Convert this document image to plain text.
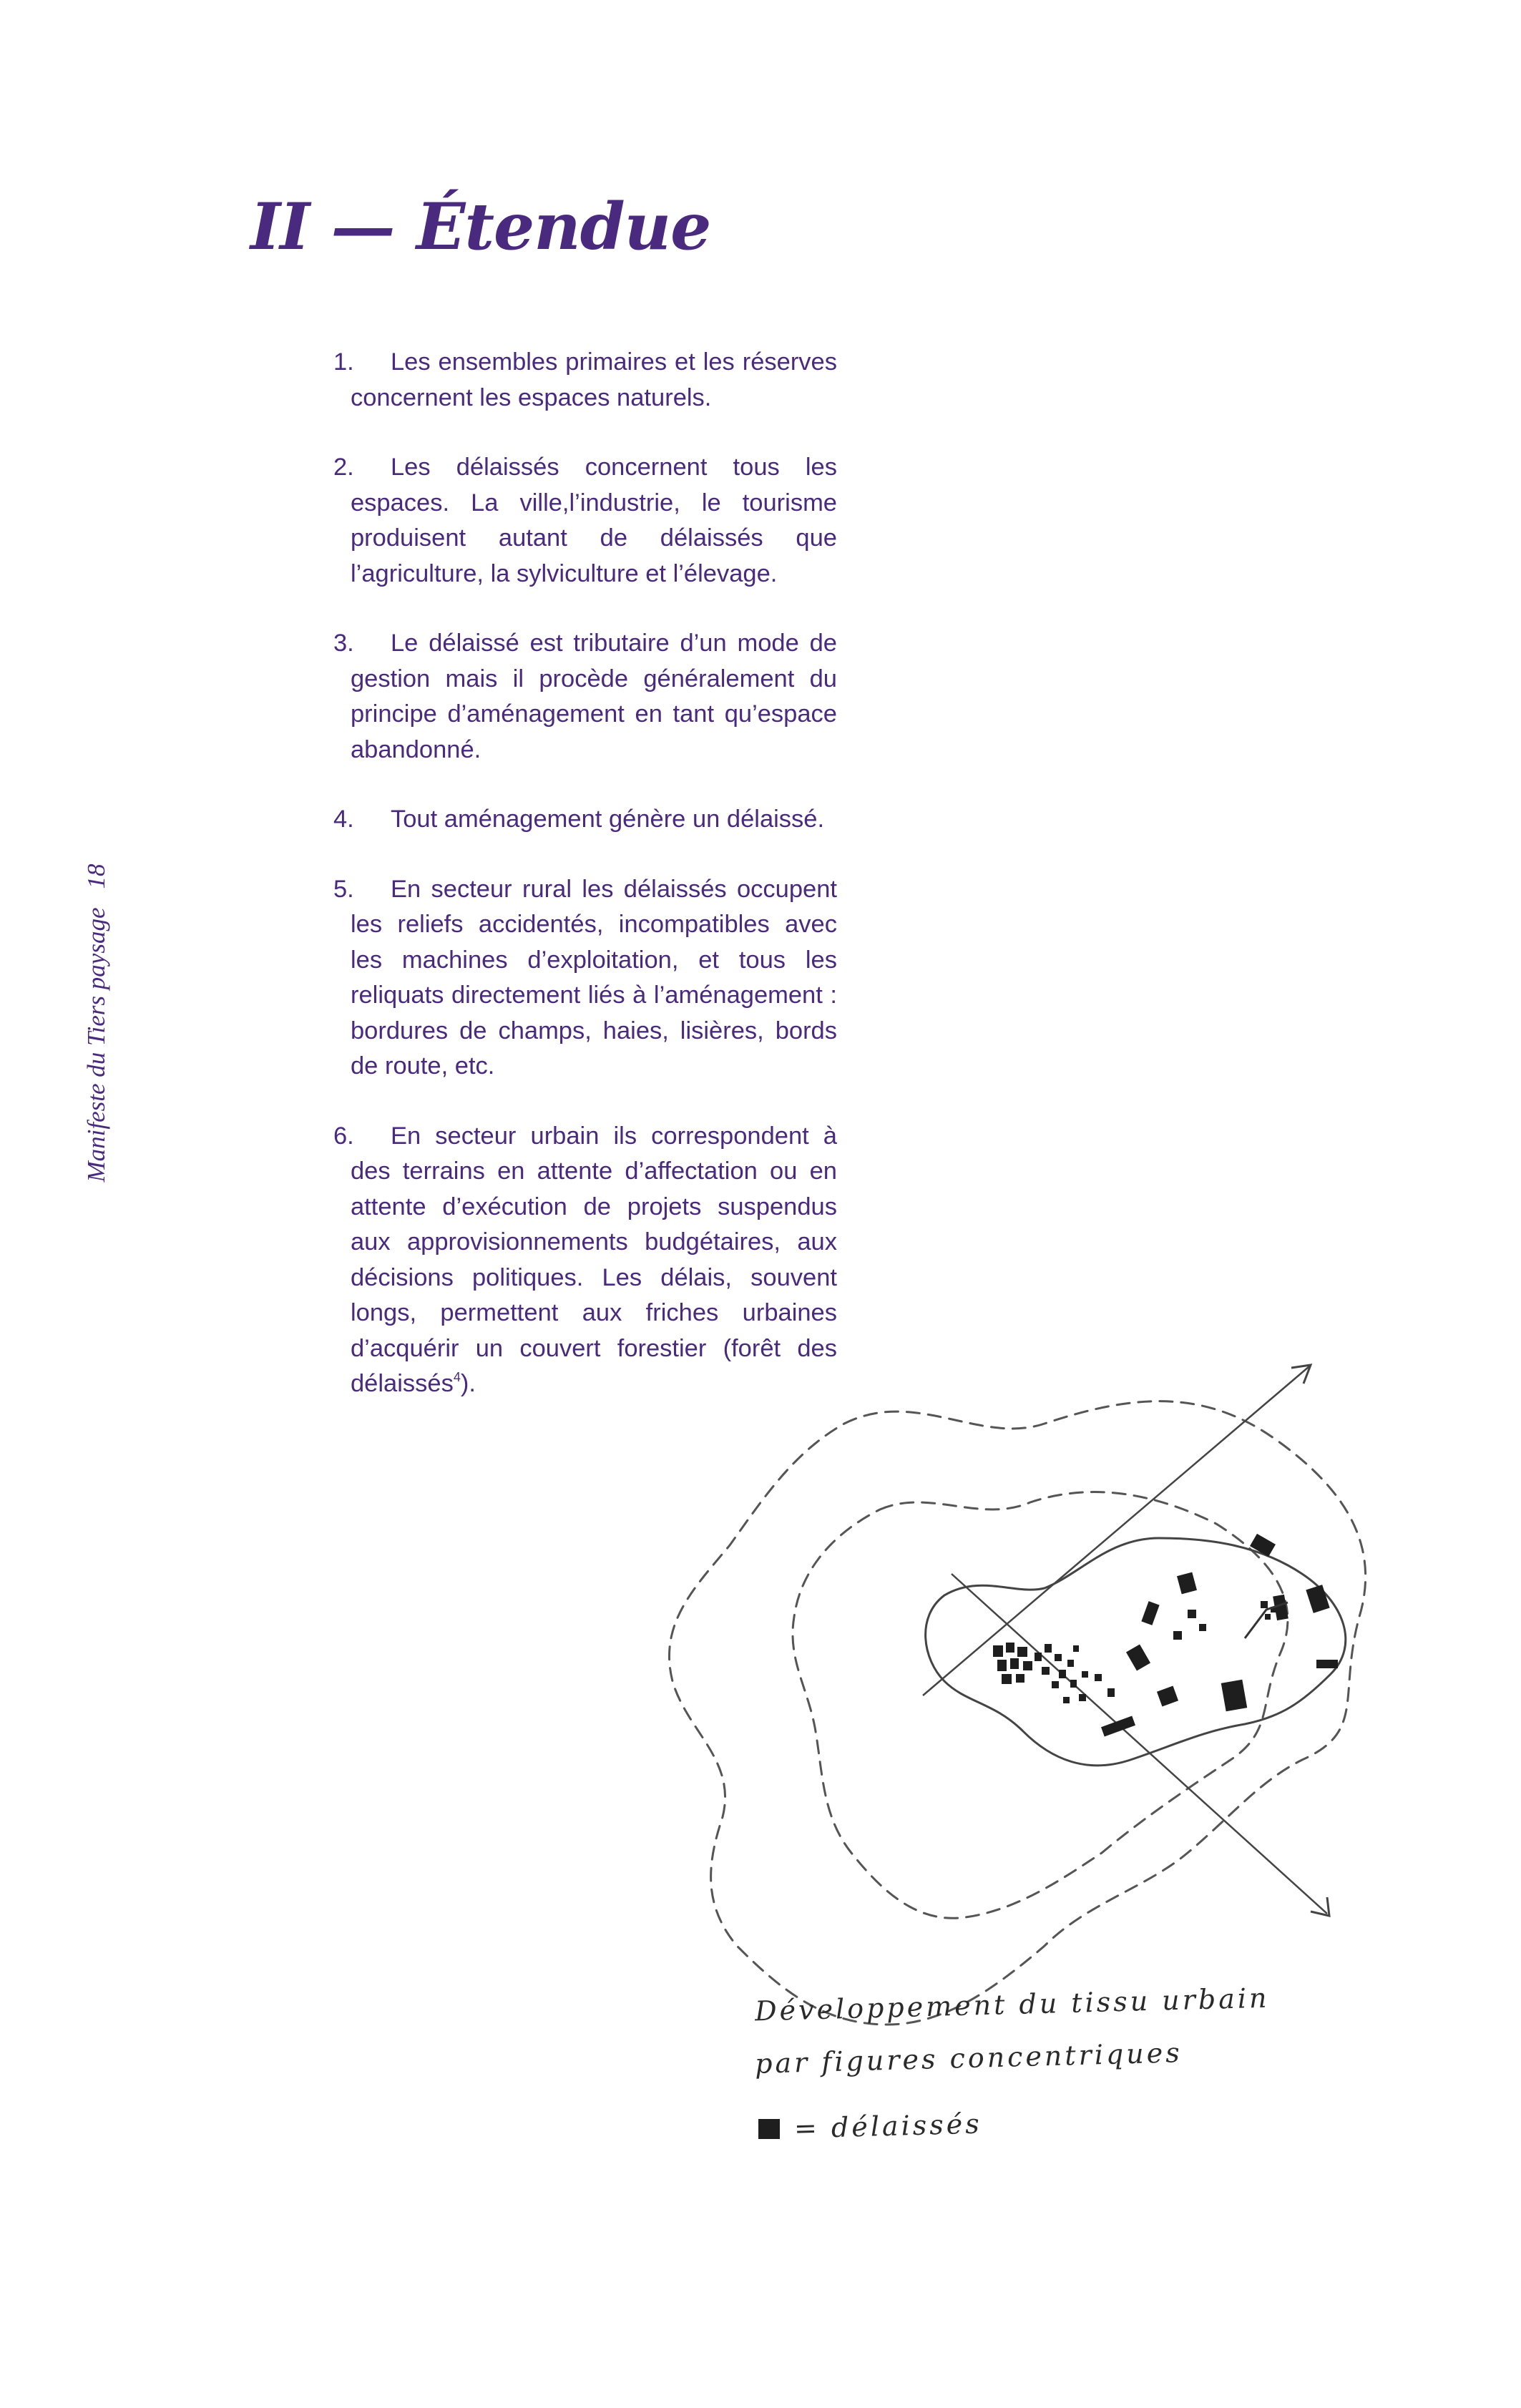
II — Étendue
Manifeste du Tiers paysage18
1.	Les ensembles primaires et les réserves concernent les espaces naturels.
2.	Les délaissés concernent tous les espaces. La ville,l’industrie, le tourisme produisent autant de délaissés que l’agriculture, la sylviculture et l’élevage.
3.	Le délaissé est tributaire d’un mode de gestion mais il procède généralement du principe d’aménagement en tant qu’espace abandonné.
4.	Tout aménagement génère un délaissé.
5.	En secteur rural les délaissés occupent les reliefs accidentés, incompatibles avec les machines d’exploitation, et tous les reliquats directement liés à l’aménagement : bordures de champs, haies, lisières, bords de route, etc.
6.	En secteur urbain ils correspondent à des terrains en attente d’affectation ou en attente d’exécution de projets suspendus aux approvisionnements budgétaires, aux décisions politiques. Les délais, souvent longs, permettent aux friches urbaines d’acquérir un couvert forestier (forêt des délaissés$^4$).
Développement du tissu urbain
par figures concentriques
= délaissés
